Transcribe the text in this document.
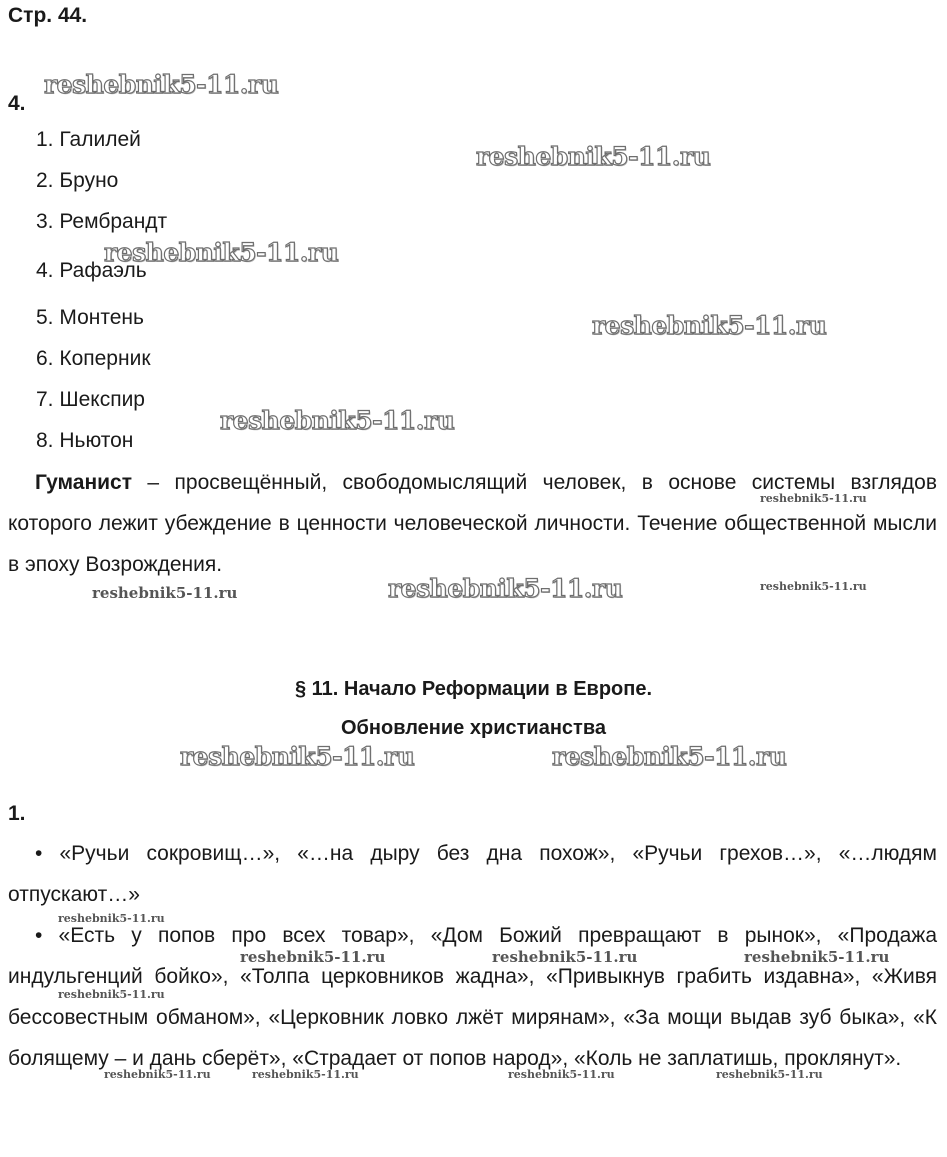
Стр. 44.
4.
1. Галилей
2. Бруно
3. Рембрандт
4. Рафаэль
5. Монтень
6. Коперник
7. Шекспир
8. Ньютон

Гуманист – просвещённый, свободомыслящий человек, в основе системы взглядов которого лежит убеждение в ценности человеческой личности. Течение общественной мысли в эпоху Возрождения.

§ 11. Начало Реформации в Европе.
Обновление христианства
1.

• «Ручьи сокровищ…», «…на дыру без дна похож», «Ручьи грехов…», «…людям отпускают…»

• «Есть у попов про всех товар», «Дом Божий превращают в рынок», «Продажа индульгенций бойко», «Толпа церковников жадна», «Привыкнув грабить издавна», «Живя бессовестным обманом», «Церковник ловко лжёт мирянам», «За мощи выдав зуб быка», «К болящему – и дань сберёт», «Страдает от попов народ», «Коль не заплатишь, проклянут».

reshebnik5-11.ru
reshebnik5-11.ru
reshebnik5-11.ru
reshebnik5-11.ru
reshebnik5-11.ru
reshebnik5-11.ru
reshebnik5-11.ru	reshebnik5-11.ru	reshebnik5-11.ru
reshebnik5-11.ru	reshebnik5-11.ru
reshebnik5-11.ru
reshebnik5-11.ru	reshebnik5-11.ru	reshebnik5-11.ru
reshebnik5-11.ru
reshebnik5-11.ru	reshebnik5-11.ru	reshebnik5-11.ru	reshebnik5-11.ru
